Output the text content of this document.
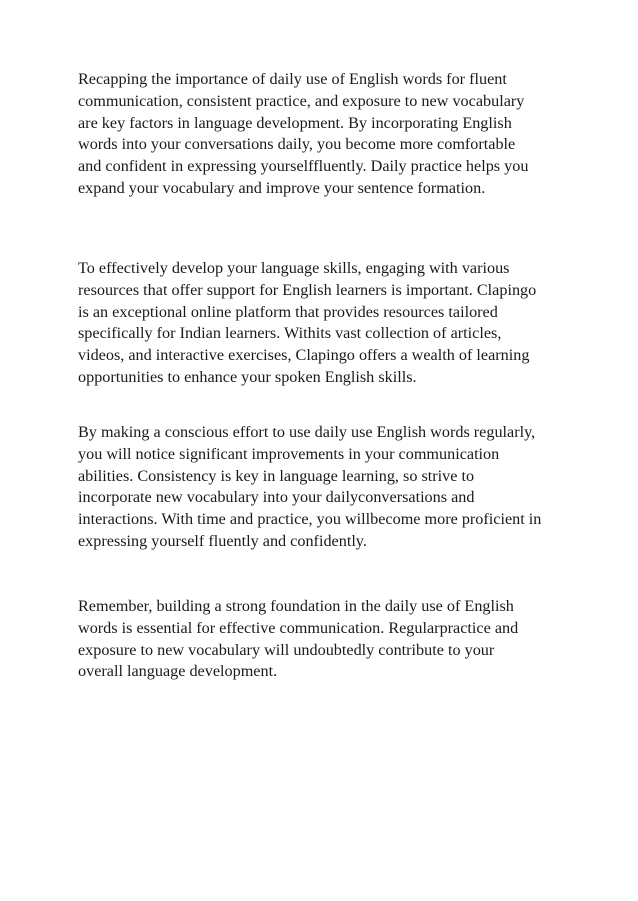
Recapping the importance of daily use of English words for fluent
communication, consistent practice, and exposure to new vocabulary
are key factors in language development. By incorporating English
words into your conversations daily, you become more comfortable
and confident in expressing yourselffluently. Daily practice helps you
expand your vocabulary and improve your sentence formation.
To effectively develop your language skills, engaging with various
resources that offer support for English learners is important. Clapingo
is an exceptional online platform that provides resources tailored
specifically for Indian learners. Withits vast collection of articles,
videos, and interactive exercises, Clapingo offers a wealth of learning
opportunities to enhance your spoken English skills.
By making a conscious effort to use daily use English words regularly,
you will notice significant improvements in your communication
abilities. Consistency is key in language learning, so strive to
incorporate new vocabulary into your dailyconversations and
interactions. With time and practice, you willbecome more proficient in
expressing yourself fluently and confidently.
Remember, building a strong foundation in the daily use of English
words is essential for effective communication. Regularpractice and
exposure to new vocabulary will undoubtedly contribute to your
overall language development.
